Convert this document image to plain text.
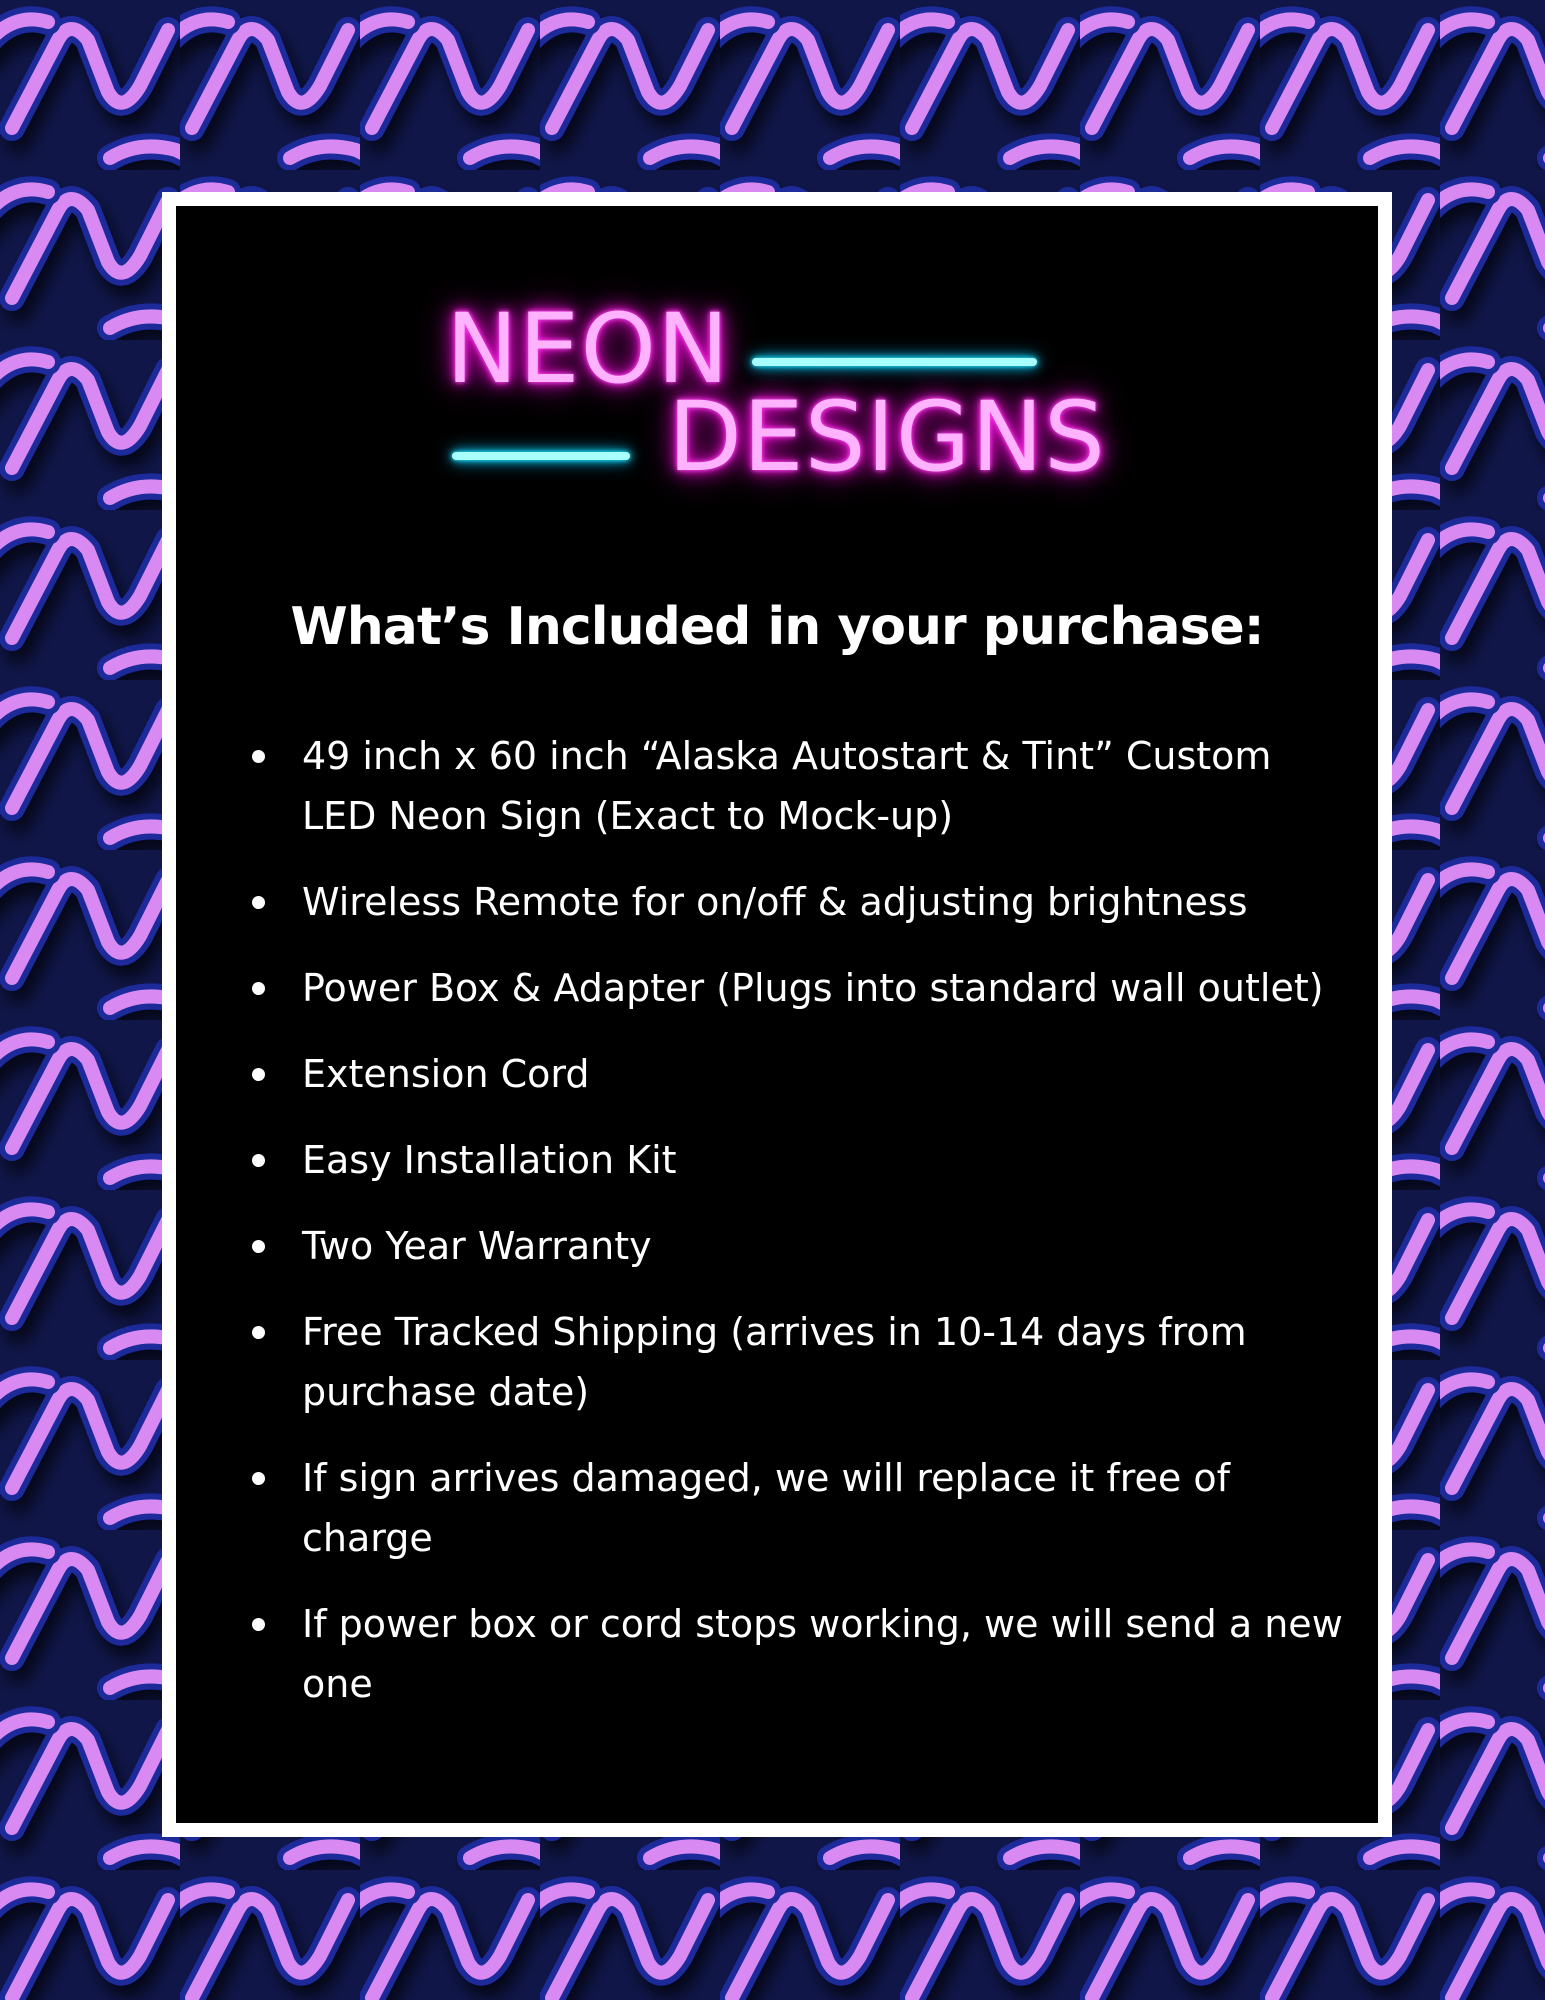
NEON
DESIGNS
What’s Included in your purchase:
49 inch x 60 inch “Alaska Autostart & Tint” Custom LED Neon Sign (Exact to Mock-up)
Wireless Remote for on/off & adjusting brightness
Power Box & Adapter (Plugs into standard wall outlet)
Extension Cord
Easy Installation Kit
Two Year Warranty
Free Tracked Shipping (arrives in 10-14 days from purchase date)
If sign arrives damaged, we will replace it free of charge
If power box or cord stops working, we will send a new one
